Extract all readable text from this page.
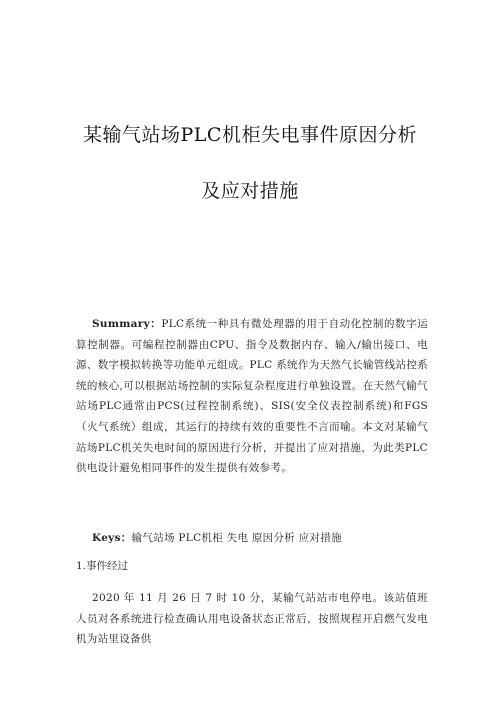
某输气站场PLC机柜失电事件原因分析
及应对措施
Summary：PLC系统一种具有微处理器的用于自动化控制的数字运算控制器。可编程控制器由CPU、指令及数据内存、输入/输出接口、电源、数字模拟转换等功能单元组成。PLC 系统作为天然气长输管线站控系统的核心,可以根据站场控制的实际复杂程度进行单独设置。在天然气输气站场PLC通常由PCS(过程控制系统)、SIS(安全仪表控制系统)和FGS（火气系统）组成，其运行的持续有效的重要性不言而喻。本文对某输气站场PLC机关失电时间的原因进行分析，并提出了应对措施，为此类PLC供电设计避免相同事件的发生提供有效参考。
Keys：输气站场 PLC机柜 失电 原因分析 应对措施
1.事件经过
2020 年 11 月 26 日 7 时 10 分，某输气站站市电停电。该站值班人员对各系统进行检查确认用电设备状态正常后，按照规程开启燃气发电机为站里设备供
